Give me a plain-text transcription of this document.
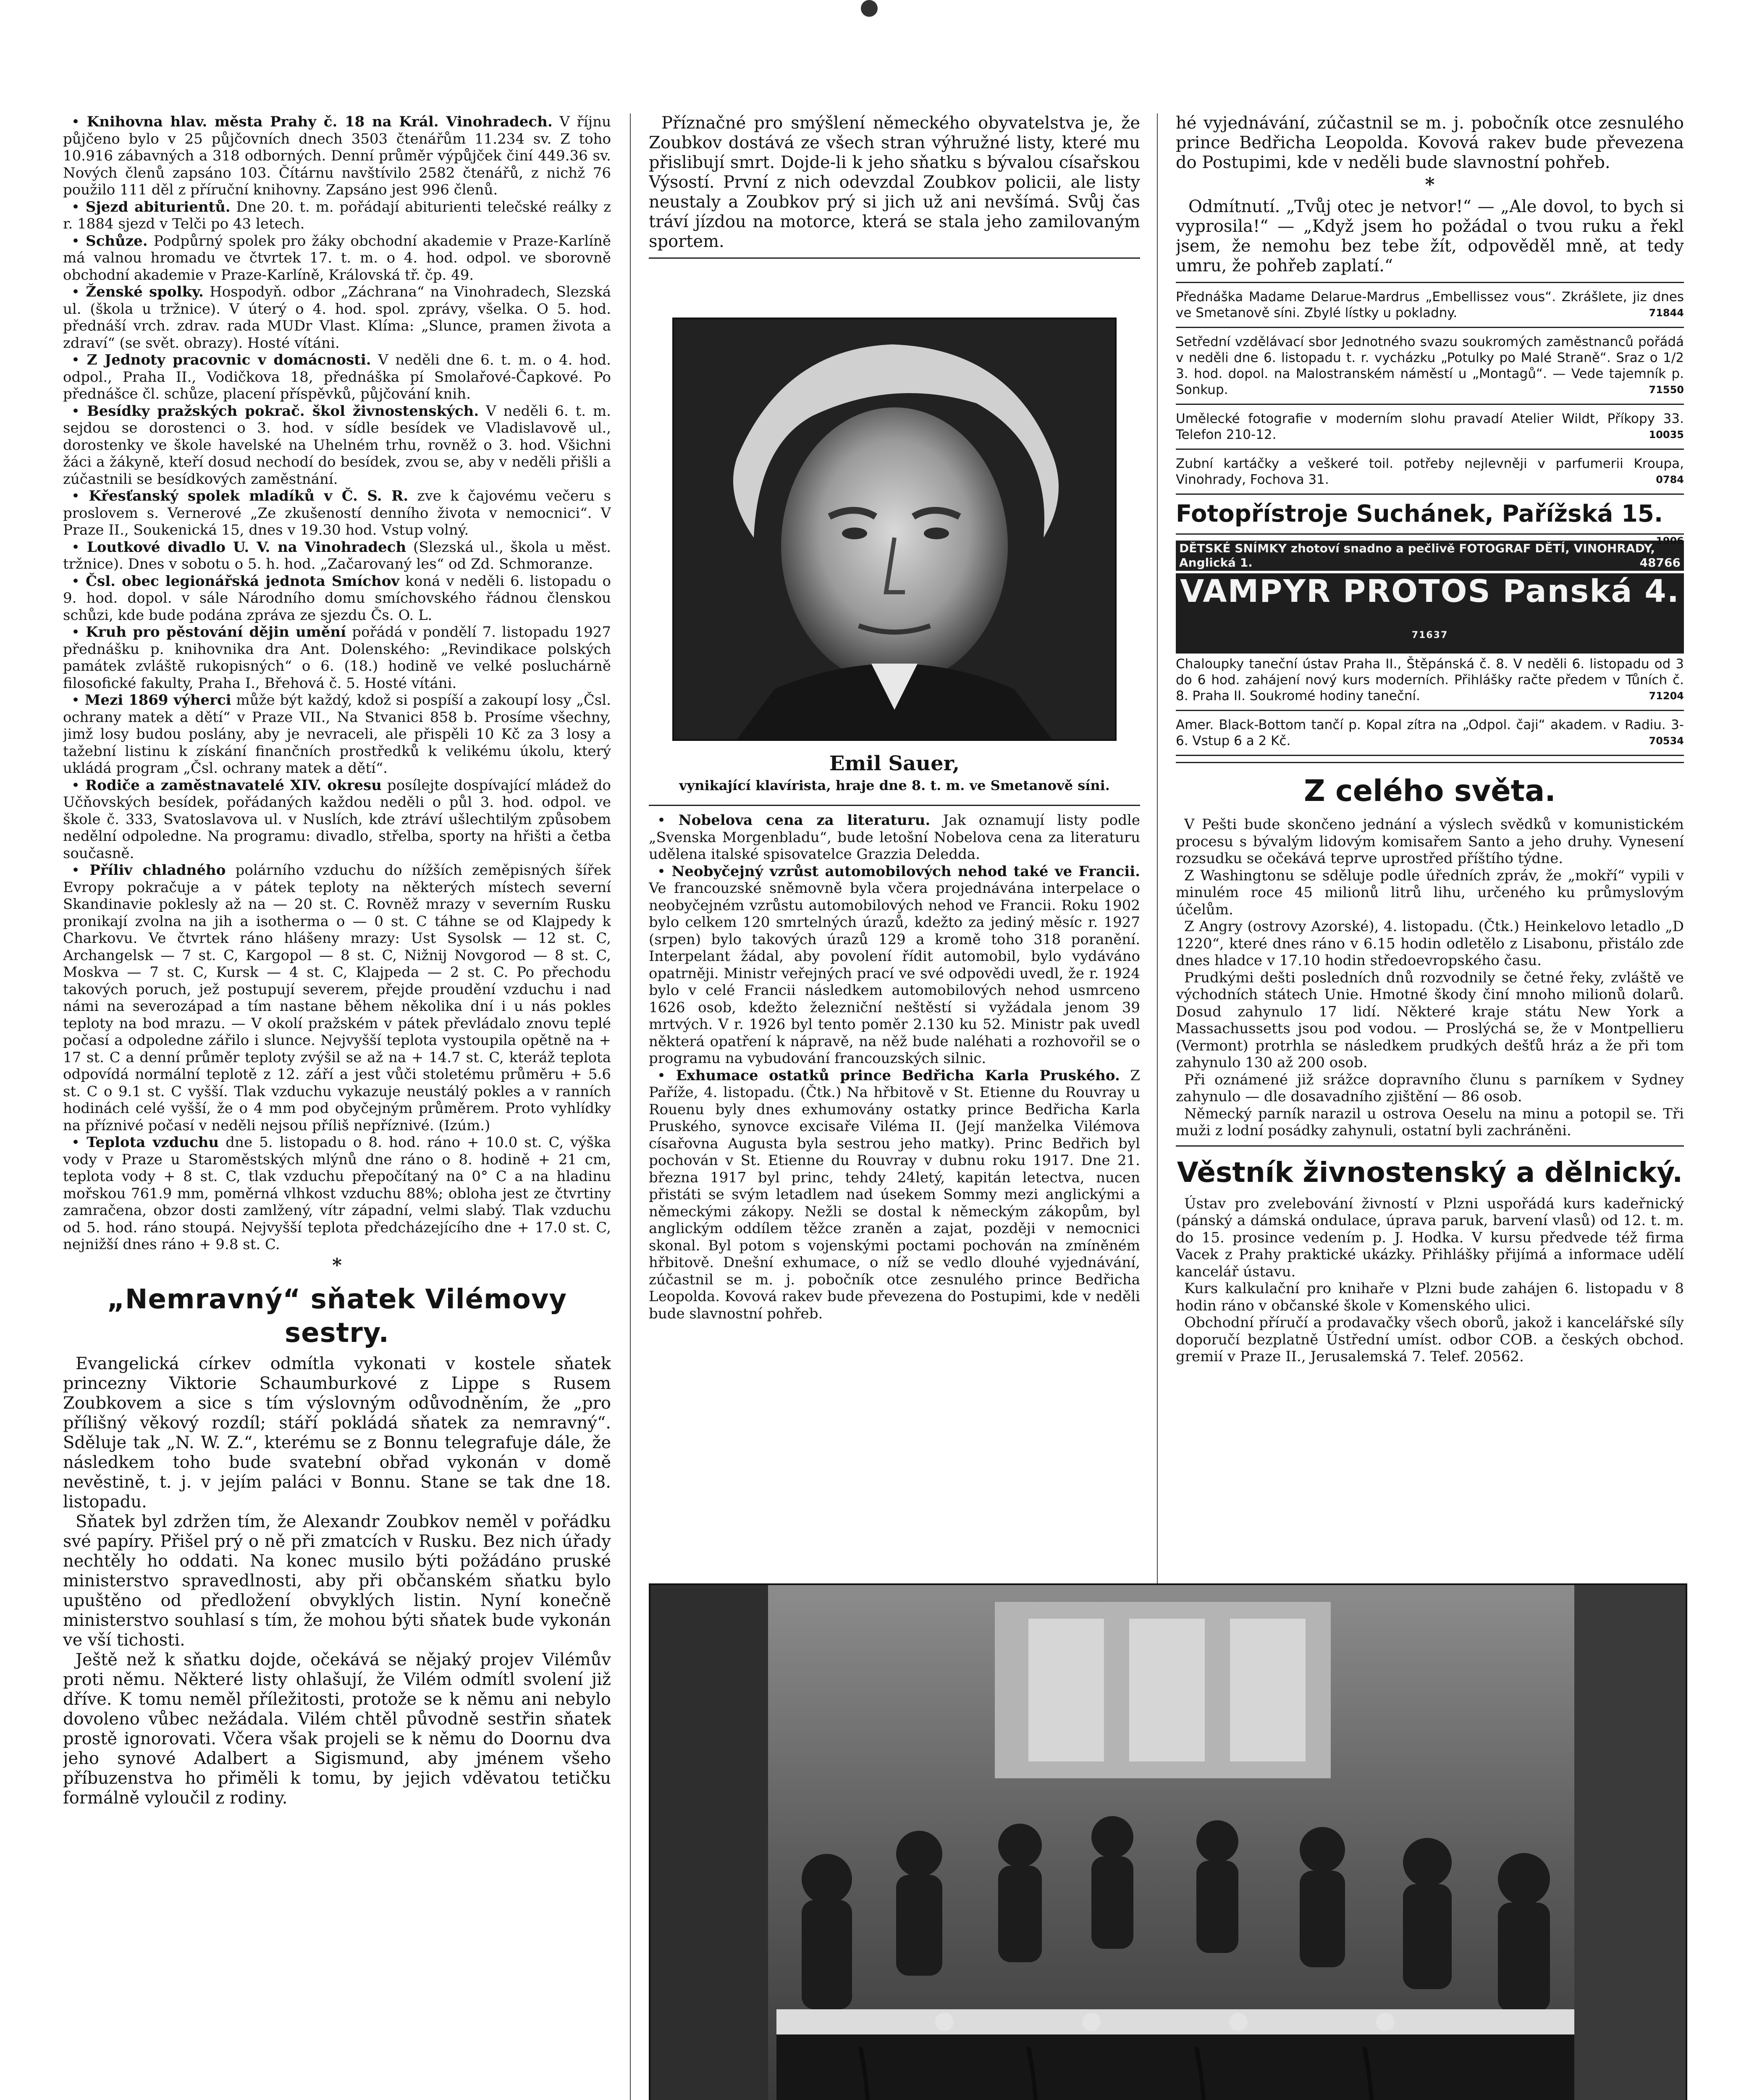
• Knihovna hlav. města Prahy č. 18 na Král. Vinohradech. V říjnu půjčeno bylo v 25 půjčovních dnech 3503 čtenářům 11.234 sv. Z toho 10.916 zábavných a 318 odborných. Denní průměr výpůjček činí 449.36 sv. Nových členů zapsáno 103. Čítárnu navštívilo 2582 čtenářů, z nichž 76 použilo 111 děl z příruční knihovny. Zapsáno jest 996 členů.

• Sjezd abiturientů. Dne 20. t. m. pořádají abiturienti telečské reálky z r. 1884 sjezd v Telči po 43 letech.

• Schůze. Podpůrný spolek pro žáky obchodní akademie v Praze-Karlíně má valnou hromadu ve čtvrtek 17. t. m. o 4. hod. odpol. ve sborovně obchodní akademie v Praze-Karlíně, Královská tř. čp. 49.

• Ženské spolky. Hospodyň. odbor „Záchrana“ na Vinohradech, Slezská ul. (škola u tržnice). V úterý o 4. hod. spol. zprávy, všelka. O 5. hod. přednáší vrch. zdrav. rada MUDr Vlast. Klíma: „Slunce, pramen života a zdraví“ (se svět. obrazy). Hosté vítáni.

• Z Jednoty pracovnic v domácnosti. V neděli dne 6. t. m. o 4. hod. odpol., Praha II., Vodičkova 18, přednáška pí Smolařové-Čapkové. Po přednášce čl. schůze, placení příspěvků, půjčování knih.

• Besídky pražských pokrač. škol živnostenských. V neděli 6. t. m. sejdou se dorostenci o 3. hod. v sídle besídek ve Vladislavově ul., dorostenky ve škole havelské na Uhelném trhu, rovněž o 3. hod. Všichni žáci a žákyně, kteří dosud nechodí do besídek, zvou se, aby v neděli přišli a zúčastnili se besídkových zaměstnání.

• Křesťanský spolek mladíků v Č. S. R. zve k čajovému večeru s proslovem s. Vernerové „Ze zkušeností denního života v nemocnici“. V Praze II., Soukenická 15, dnes v 19.30 hod. Vstup volný.

• Loutkové divadlo U. V. na Vinohradech (Slezská ul., škola u měst. tržnice). Dnes v sobotu o 5. h. hod. „Začarovaný les“ od Zd. Schmoranze.

• Čsl. obec legionářská jednota Smíchov koná v neděli 6. listopadu o 9. hod. dopol. v sále Národního domu smíchovského řádnou členskou schůzi, kde bude podána zpráva ze sjezdu Čs. O. L.

• Kruh pro pěstování dějin umění pořádá v pondělí 7. listopadu 1927 přednášku p. knihovnika dra Ant. Dolenského: „Revindikace polských památek zvláště rukopisných“ o 6. (18.) hodině ve velké posluchárně filosofické fakulty, Praha I., Břehová č. 5. Hosté vítáni.

• Mezi 1869 výherci může být každý, kdož si pospíší a zakoupí losy „Čsl. ochrany matek a dětí“ v Praze VII., Na Stvanici 858 b. Prosíme všechny, jimž losy budou poslány, aby je nevraceli, ale přispěli 10 Kč za 3 losy a tažební listinu k získání finančních prostředků k velikému úkolu, který ukládá program „Čsl. ochrany matek a dětí“.

• Rodiče a zaměstnavatelé XIV. okresu posílejte dospívající mládež do Učňovských besídek, pořádaných každou neděli o půl 3. hod. odpol. ve škole č. 333, Svatoslavova ul. v Nuslích, kde ztráví ušlechtilým způsobem nedělní odpoledne. Na programu: divadlo, střelba, sporty na hřišti a četba současně.

• Příliv chladného polárního vzduchu do nížších zeměpisných šířek Evropy pokračuje a v pátek teploty na některých místech severní Skandinavie poklesly až na — 20 st. C. Rovněž mrazy v severním Rusku pronikají zvolna na jih a isotherma o — 0 st. C táhne se od Klajpedy k Charkovu. Ve čtvrtek ráno hlášeny mrazy: Ust Sysolsk — 12 st. C, Archangelsk — 7 st. C, Kargopol — 8 st. C, Nižnij Novgorod — 8 st. C, Moskva — 7 st. C, Kursk — 4 st. C, Klajpeda — 2 st. C. Po přechodu takových poruch, jež postupují severem, přejde proudění vzduchu i nad námi na severozápad a tím nastane během několika dní i u nás pokles teploty na bod mrazu. — V okolí pražském v pátek převládalo znovu teplé počasí a odpoledne zářilo i slunce. Nejvyšší teplota vystoupila opětně na + 17 st. C a denní průměr teploty zvýšil se až na + 14.7 st. C, kteráž teplota odpovídá normální teplotě z 12. září a jest vůči stoletému průměru + 5.6 st. C o 9.1 st. C vyšší. Tlak vzduchu vykazuje neustálý pokles a v ranních hodinách celé vyšší, že o 4 mm pod obyčejným průměrem. Proto vyhlídky na příznivé počasí v neděli nejsou příliš nepříznivé. (Izúm.)

• Teplota vzduchu dne 5. listopadu o 8. hod. ráno + 10.0 st. C, výška vody v Praze u Staroměstských mlýnů dne ráno o 8. hodině + 21 cm, teplota vody + 8 st. C, tlak vzduchu přepočítaný na 0° C a na hladinu mořskou 761.9 mm, poměrná vlhkost vzduchu 88%; obloha jest ze čtvrtiny zamračena, obzor dosti zamlžený, vítr západní, velmi slabý. Tlak vzduchu od 5. hod. ráno stoupá. Nejvyšší teplota předcházejícího dne + 17.0 st. C, nejnižší dnes ráno + 9.8 st. C.

*
„Nemravný“ sňatek Vilémovy sestry.

Evangelická církev odmítla vykonati v kostele sňatek princezny Viktorie Schaumburkové z Lippe s Rusem Zoubkovem a sice s tím výslovným odůvodněním, že „pro přílišný věkový rozdíl; stáří pokládá sňatek za nemravný“. Sděluje tak „N. W. Z.“, kterému se z Bonnu telegrafuje dále, že následkem toho bude svatební obřad vykonán v domě nevěstině, t. j. v jejím paláci v Bonnu. Stane se tak dne 18. listopadu.

Sňatek byl zdržen tím, že Alexandr Zoubkov neměl v pořádku své papíry. Přišel prý o ně při zmatcích v Rusku. Bez nich úřady nechtěly ho oddati. Na konec musilo býti požádáno pruské ministerstvo spravedlnosti, aby při občanském sňatku bylo upuštěno od předložení obvyklých listin. Nyní konečně ministerstvo souhlasí s tím, že mohou býti sňatek bude vykonán ve vší tichosti.

Ještě než k sňatku dojde, očekává se nějaký projev Vilémův proti němu. Některé listy ohlašují, že Vilém odmítl svolení již dříve. K tomu neměl příležitosti, protože se k němu ani nebylo dovoleno vůbec nežádala. Vilém chtěl původně sestřin sňatek prostě ignorovati. Včera však projeli se k němu do Doornu dva jeho synové Adalbert a Sigismund, aby jménem všeho příbuzenstva ho přiměli k tomu, by jejich vděvatou tetičku formálně vyloučil z rodiny.

Příznačné pro smýšlení německého obyvatelstva je, že Zoubkov dostává ze všech stran výhružné listy, které mu přislibují smrt. Dojde-li k jeho sňatku s bývalou císařskou Výsostí. První z nich odevzdal Zoubkov policii, ale listy neustaly a Zoubkov prý si jich už ani nevšímá. Svůj čas tráví jízdou na motorce, která se stala jeho zamilovaným sportem.

Emil Sauer,
vynikající klavírista, hraje dne 8. t. m. ve Smetanově síni.

• Nobelova cena za literaturu. Jak oznamují listy podle „Svenska Morgenbladu“, bude letošní Nobelova cena za literaturu udělena italské spisovatelce Grazzia Deledda.

• Neobyčejný vzrůst automobilových nehod také ve Francii. Ve francouzské sněmovně byla včera projednávána interpelace o neobyčejném vzrůstu automobilových nehod ve Francii. Roku 1902 bylo celkem 120 smrtelných úrazů, kdežto za jediný měsíc r. 1927 (srpen) bylo takových úrazů 129 a kromě toho 318 poranění. Interpelant žádal, aby povolení řídit automobil, bylo vydáváno opatrněji. Ministr veřejných prací ve své odpovědi uvedl, že r. 1924 bylo v celé Francii následkem automobilových nehod usmrceno 1626 osob, kdežto železniční neštěstí si vyžádala jenom 39 mrtvých. V r. 1926 byl tento poměr 2.130 ku 52. Ministr pak uvedl některá opatření k nápravě, na něž bude naléhati a rozhovořil se o programu na vybudování francouzských silnic.

• Exhumace ostatků prince Bedřicha Karla Pruského. Z Paříže, 4. listopadu. (Čtk.) Na hřbitově v St. Etienne du Rouvray u Rouenu byly dnes exhumovány ostatky prince Bedřicha Karla Pruského, synovce excisaře Viléma II. (Její manželka Vilémova císařovna Augusta byla sestrou jeho matky). Princ Bedřich byl pochován v St. Etienne du Rouvray v dubnu roku 1917. Dne 21. března 1917 byl princ, tehdy 24letý, kapitán letectva, nucen přistáti se svým letadlem nad úsekem Sommy mezi anglickými a německými zákopy. Nežli se dostal k německým zákopům, byl anglickým oddílem těžce zraněn a zajat, později v nemocnici skonal. Byl potom s vojenskými poctami pochován na zmíněném hřbitově. Dnešní exhumace, o níž se vedlo dlouhé vyjednávání, zúčastnil se m. j. pobočník otce zesnulého prince Bedřicha Leopolda. Kovová rakev bude převezena do Postupimi, kde v neděli bude slavnostní pohřeb.

hé vyjednávání, zúčastnil se m. j. pobočník otce zesnulého prince Bedřicha Leopolda. Kovová rakev bude převezena do Postupimi, kde v neděli bude slavnostní pohřeb.

*

Odmítnutí. „Tvůj otec je netvor!“ — „Ale dovol, to bych si vyprosila!“ — „Když jsem ho požádal o tvou ruku a řekl jsem, že nemohu bez tebe žít, odpověděl mně, at tedy umru, že pohřeb zaplatí.“

Přednáška Madame Delarue-Mardrus „Embellissez vous“. Zkrášlete, jiz dnes ve Smetanově síni. Zbylé lístky u pokladny.	71844

Setřední vzdělávací sbor Jednotného svazu soukromých zaměstnanců pořádá v neděli dne 6. listopadu t. r. vycházku „Potulky po Malé Straně“. Sraz o 1/2 3. hod. dopol. na Malostranském náměstí u „Montagů“. — Vede tajemník p. Sonkup.	71550

Umělecké fotografie v moderním slohu pravadí Atelier Wildt, Příkopy 33. Telefon 210-12.	10035

Zubní kartáčky a veškeré toil. potřeby nejlevněji v parfumerii Kroupa, Vinohrady, Fochova 31.	0784

Fotopřístroje Suchánek, Pařížská 15.
1906
DĚTSKÉ SNÍMKY zhotoví snadno a pečlivě FOTOGRAF DĚTÍ, VINOHRADY, Anglická 1.	48766
VAMPYR PROTOS Panská 4. 71637

Chaloupky taneční ústav Praha II., Štěpánská č. 8. V neděli 6. listopadu od 3 do 6 hod. zahájení nový kurs moderních. Přihlášky račte předem v Tůních č. 8. Praha II. Soukromé hodiny taneční.	71204

Amer. Black-Bottom tančí p. Kopal zítra na „Odpol. čaji“ akadem. v Radiu. 3-6. Vstup 6 a 2 Kč.	70534

Z celého světa.

V Pešti bude skončeno jednání a výslech svědků v komunistickém procesu s bývalým lidovým komisařem Santo a jeho druhy. Vynesení rozsudku se očekává teprve uprostřed příštího týdne.

Z Washingtonu se sděluje podle úředních zpráv, že „mokří“ vypili v minulém roce 45 milionů litrů lihu, určeného ku průmyslovým účelům.

Z Angry (ostrovy Azorské), 4. listopadu. (Čtk.) Heinkelovo letadlo „D 1220“, které dnes ráno v 6.15 hodin odletělo z Lisabonu, přistálo zde dnes hladce v 17.10 hodin středoevropského času.

Prudkými dešti posledních dnů rozvodnily se četné řeky, zvláště ve východních státech Unie. Hmotné škody činí mnoho milionů dolarů. Dosud zahynulo 17 lidí. Některé kraje státu New York a Massachussetts jsou pod vodou. — Proslýchá se, že v Montpellieru (Vermont) protrhla se následkem prudkých dešťů hráz a že při tom zahynulo 130 až 200 osob.

Při oznámené již srážce dopravního člunu s parníkem v Sydney zahynulo — dle dosavadního zjištění — 86 osob.

Německý parník narazil u ostrova Oeselu na minu a potopil se. Tři muži z lodní posádky zahynuli, ostatní byli zachráněni.

Věstník živnostenský a dělnický.

Ústav pro zvelebování živností v Plzni uspořádá kurs kadeřnický (pánský a dámská ondulace, úprava paruk, barvení vlasů) od 12. t. m. do 15. prosince vedením p. J. Hodka. V kursu předvede též firma Vacek z Prahy praktické ukázky. Přihlášky přijímá a informace udělí kancelář ústavu.

Kurs kalkulační pro knihaře v Plzni bude zahájen 6. listopadu v 8 hodin ráno v občanské škole v Komenského ulici.

Obchodní příručí a prodavačky všech oborů, jakož i kancelářské síly doporučí bezplatně Ústřední umíst. odbor COB. a českých obchod. gremií v Praze II., Jerusalemská 7. Telef. 20562.
